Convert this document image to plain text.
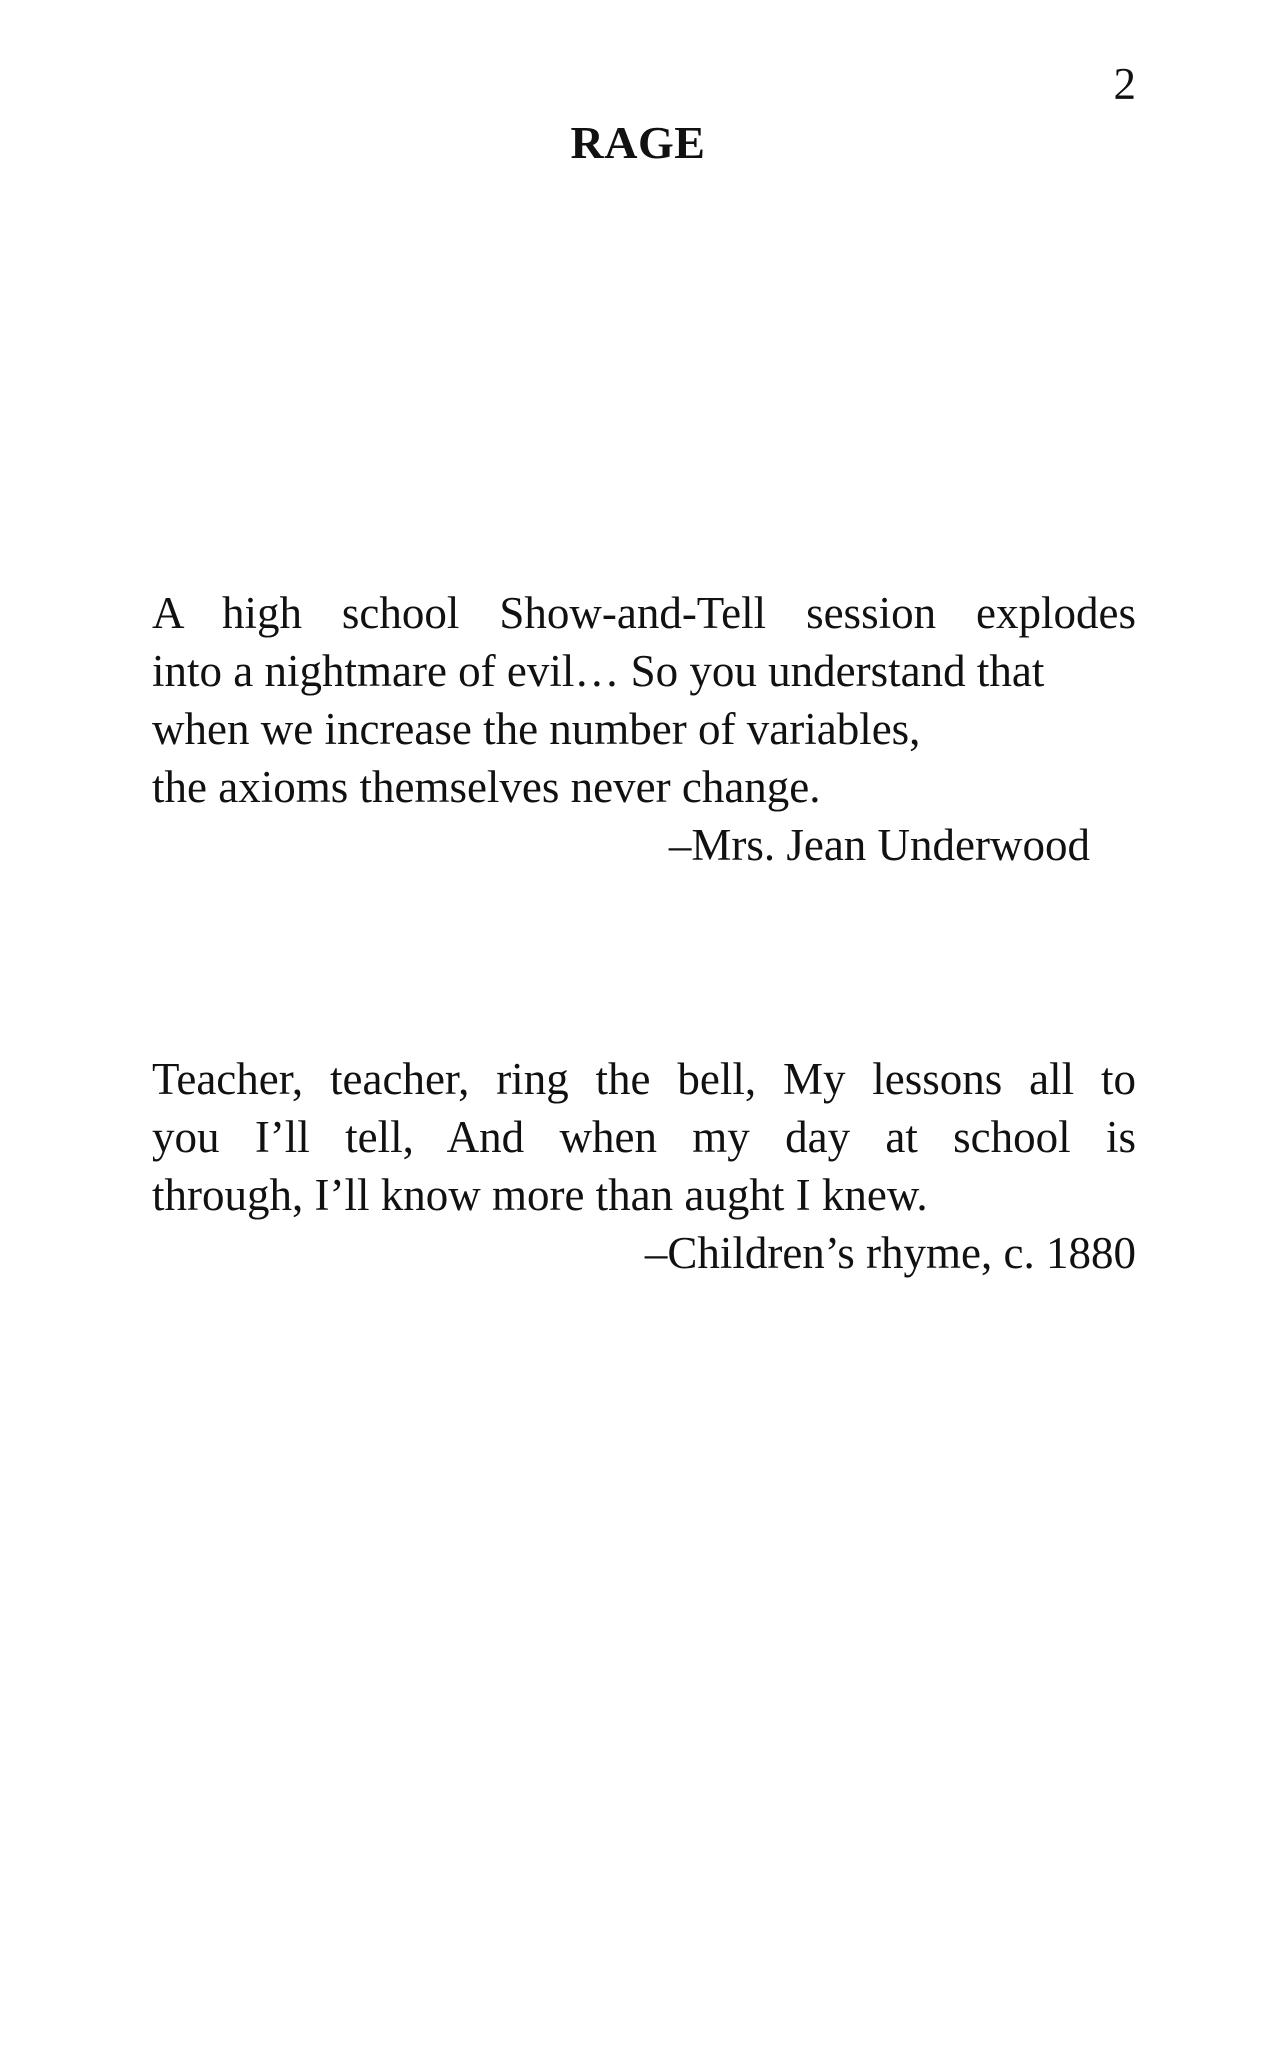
2
RAGE
A high school Show-and-Tell session explodes
into a nightmare of evil… So you understand that
when we increase the number of variables,
the axioms themselves never change.
–Mrs. Jean Underwood
Teacher, teacher, ring the bell, My lessons all to
you I’ll tell, And when my day at school is
through, I’ll know more than aught I knew.
–Children’s rhyme, c. 1880
